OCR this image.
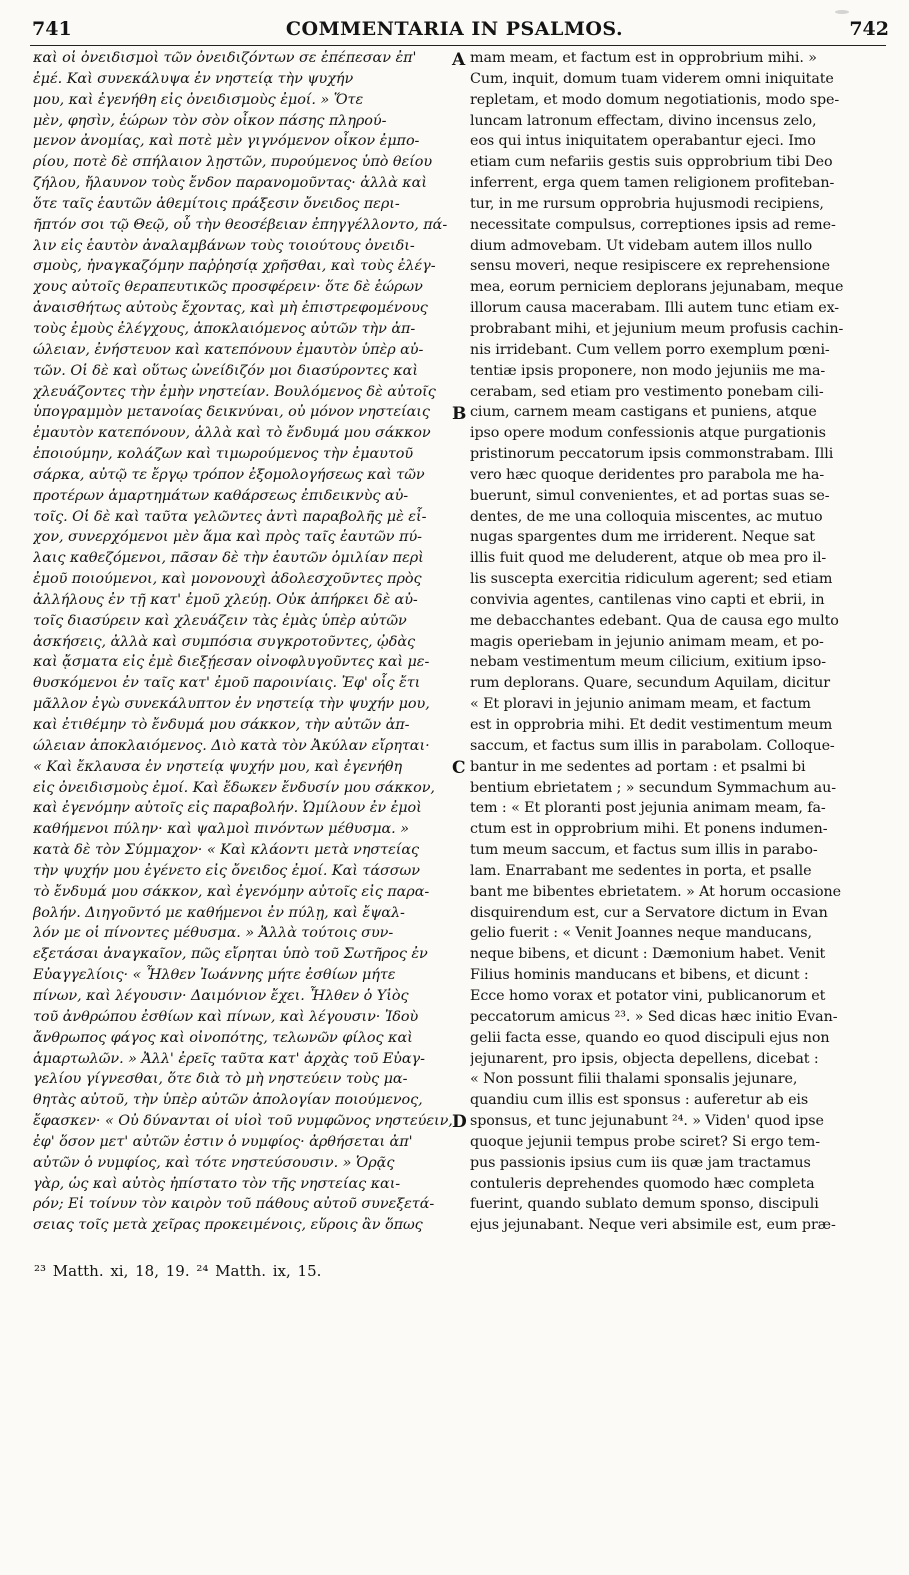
741	COMMENTARIA IN PSALMOS.	742
καὶ οἱ ὀνειδισμοὶ τῶν ὀνειδιζόντων σε ἐπέπεσαν ἐπ'
ἐμέ. Καὶ συνεκάλυψα ἐν νηστείᾳ τὴν ψυχήν
μου, καὶ ἐγενήθη εἰς ὀνειδισμοὺς ἐμοί. » Ὅτε
μὲν, φησὶν, ἑώρων τὸν σὸν οἶκον πάσης πληρού-
μενον ἀνομίας, καὶ ποτὲ μὲν γιγνόμενον οἶκον ἐμπο-
ρίου, ποτὲ δὲ σπήλαιον λῃστῶν, πυρούμενος ὑπὸ θείου
ζήλου, ἤλαυνον τοὺς ἔνδον παρανομοῦντας· ἀλλὰ καὶ
ὅτε ταῖς ἑαυτῶν ἀθεμίτοις πράξεσιν ὄνειδος περι-
ῆπτόν σοι τῷ Θεῷ, οὗ τὴν θεοσέβειαν ἐπηγγέλλοντο, πά-
λιν εἰς ἑαυτὸν ἀναλαμβάνων τοὺς τοιούτους ὀνειδι-
σμοὺς, ἠναγκαζόμην παῤῥησίᾳ χρῆσθαι, καὶ τοὺς ἐλέγ-
χους αὐτοῖς θεραπευτικῶς προσφέρειν· ὅτε δὲ ἑώρων
ἀναισθήτως αὐτοὺς ἔχοντας, καὶ μὴ ἐπιστρεφομένους
τοὺς ἐμοὺς ἐλέγχους, ἀποκλαιόμενος αὐτῶν τὴν ἀπ-
ώλειαν, ἐνήστευον καὶ κατεπόνουν ἐμαυτὸν ὑπὲρ αὐ-
τῶν. Οἱ δὲ καὶ οὕτως ὠνείδιζόν μοι διασύροντες καὶ
χλευάζοντες τὴν ἐμὴν νηστείαν. Βουλόμενος δὲ αὐτοῖς
ὑπογραμμὸν μετανοίας δεικνύναι, οὐ μόνον νηστείαις
ἐμαυτὸν κατεπόνουν, ἀλλὰ καὶ τὸ ἔνδυμά μου σάκκον
ἐποιούμην, κολάζων καὶ τιμωρούμενος τὴν ἐμαυτοῦ
σάρκα, αὐτῷ τε ἔργῳ τρόπον ἐξομολογήσεως καὶ τῶν
προτέρων ἁμαρτημάτων καθάρσεως ἐπιδεικνὺς αὐ-
τοῖς. Οἱ δὲ καὶ ταῦτα γελῶντες ἀντὶ παραβολῆς μὲ εἶ-
χον, συνερχόμενοι μὲν ἅμα καὶ πρὸς ταῖς ἑαυτῶν πύ-
λαις καθεζόμενοι, πᾶσαν δὲ τὴν ἑαυτῶν ὁμιλίαν περὶ
ἐμοῦ ποιούμενοι, καὶ μονονουχὶ ἀδολεσχοῦντες πρὸς
ἀλλήλους ἐν τῇ κατ' ἐμοῦ χλεύῃ. Οὐκ ἀπήρκει δὲ αὐ-
τοῖς διασύρειν καὶ χλευάζειν τὰς ἐμὰς ὑπὲρ αὐτῶν
ἀσκήσεις, ἀλλὰ καὶ συμπόσια συγκροτοῦντες, ᾠδὰς
καὶ ᾄσματα εἰς ἐμὲ διεξῄεσαν οἰνοφλυγοῦντες καὶ με-
θυσκόμενοι ἐν ταῖς κατ' ἐμοῦ παροινίαις. Ἐφ' οἷς ἔτι
μᾶλλον ἐγὼ συνεκάλυπτον ἐν νηστείᾳ τὴν ψυχήν μου,
καὶ ἐτιθέμην τὸ ἔνδυμά μου σάκκον, τὴν αὐτῶν ἀπ-
ώλειαν ἀποκλαιόμενος. Διὸ κατὰ τὸν Ἀκύλαν εἴρηται·
« Καὶ ἔκλαυσα ἐν νηστείᾳ ψυχήν μου, καὶ ἐγενήθη
εἰς ὀνειδισμοὺς ἐμοί. Καὶ ἔδωκεν ἔνδυσίν μου σάκκον,
καὶ ἐγενόμην αὐτοῖς εἰς παραβολήν. Ὡμίλουν ἐν ἐμοὶ
καθήμενοι πύλην· καὶ ψαλμοὶ πινόντων μέθυσμα. »
κατὰ δὲ τὸν Σύμμαχον· « Καὶ κλάοντι μετὰ νηστείας
τὴν ψυχήν μου ἐγένετο εἰς ὄνειδος ἐμοί. Καὶ τάσσων
τὸ ἔνδυμά μου σάκκον, καὶ ἐγενόμην αὐτοῖς εἰς παρα-
βολήν. Διηγοῦντό με καθήμενοι ἐν πύλῃ, καὶ ἔψαλ-
λόν με οἱ πίνοντες μέθυσμα. » Ἀλλὰ τούτοις συν-
εξετάσαι ἀναγκαῖον, πῶς εἴρηται ὑπὸ τοῦ Σωτῆρος ἐν
Εὐαγγελίοις· « Ἦλθεν Ἰωάννης μήτε ἐσθίων μήτε
πίνων, καὶ λέγουσιν· Δαιμόνιον ἔχει. Ἦλθεν ὁ Υἱὸς
τοῦ ἀνθρώπου ἐσθίων καὶ πίνων, καὶ λέγουσιν· Ἰδοὺ
ἄνθρωπος φάγος καὶ οἰνοπότης, τελωνῶν φίλος καὶ
ἁμαρτωλῶν. » Ἀλλ' ἐρεῖς ταῦτα κατ' ἀρχὰς τοῦ Εὐαγ-
γελίου γίγνεσθαι, ὅτε διὰ τὸ μὴ νηστεύειν τοὺς μα-
θητὰς αὐτοῦ, τὴν ὑπὲρ αὐτῶν ἀπολογίαν ποιούμενος,
ἔφασκεν· « Οὐ δύνανται οἱ υἱοὶ τοῦ νυμφῶνος νηστεύειν,
ἐφ' ὅσον μετ' αὐτῶν ἐστιν ὁ νυμφίος· ἀρθήσεται ἀπ'
αὐτῶν ὁ νυμφίος, καὶ τότε νηστεύσουσιν. » Ὁρᾷς
γὰρ, ὡς καὶ αὐτὸς ἠπίστατο τὸν τῆς νηστείας και-
ρόν; Εἰ τοίνυν τὸν καιρὸν τοῦ πάθους αὐτοῦ συνεξετά-
σειας τοῖς μετὰ χεῖρας προκειμένοις, εὕροις ἂν ὅπως
mam meam, et factum est in opprobrium mihi. »
Cum, inquit, domum tuam viderem omni iniquitate
repletam, et modo domum negotiationis, modo spe-
luncam latronum effectam, divino incensus zelo,
eos qui intus iniquitatem operabantur ejeci. Imo
etiam cum nefariis gestis suis opprobrium tibi Deo
inferrent, erga quem tamen religionem profiteban-
tur, in me rursum opprobria hujusmodi recipiens,
necessitate compulsus, correptiones ipsis ad reme-
dium admovebam. Ut videbam autem illos nullo
sensu moveri, neque resipiscere ex reprehensione
mea, eorum perniciem deplorans jejunabam, meque
illorum causa macerabam. Illi autem tunc etiam ex-
probrabant mihi, et jejunium meum profusis cachin-
nis irridebant. Cum vellem porro exemplum pœni-
tentiæ ipsis proponere, non modo jejuniis me ma-
cerabam, sed etiam pro vestimento ponebam cili-
cium, carnem meam castigans et puniens, atque
ipso opere modum confessionis atque purgationis
pristinorum peccatorum ipsis commonstrabam. Illi
vero hæc quoque deridentes pro parabola me ha-
buerunt, simul convenientes, et ad portas suas se-
dentes, de me una colloquia miscentes, ac mutuo
nugas spargentes dum me irriderent. Neque sat
illis fuit quod me deluderent, atque ob mea pro il-
lis suscepta exercitia ridiculum agerent; sed etiam
convivia agentes, cantilenas vino capti et ebrii, in
me debacchantes edebant. Qua de causa ego multo
magis operiebam in jejunio animam meam, et po-
nebam vestimentum meum cilicium, exitium ipso-
rum deplorans. Quare, secundum Aquilam, dicitur
« Et ploravi in jejunio animam meam, et factum
est in opprobria mihi. Et dedit vestimentum meum
saccum, et factus sum illis in parabolam. Colloque-
bantur in me sedentes ad portam : et psalmi bi
bentium ebrietatem ; » secundum Symmachum au-
tem : « Et ploranti post jejunia animam meam, fa-
ctum est in opprobrium mihi. Et ponens indumen-
tum meum saccum, et factus sum illis in parabo-
lam. Enarrabant me sedentes in porta, et psalle
bant me bibentes ebrietatem. » At horum occasione
disquirendum est, cur a Servatore dictum in Evan
gelio fuerit : « Venit Joannes neque manducans,
neque bibens, et dicunt : Dæmonium habet. Venit
Filius hominis manducans et bibens, et dicunt :
Ecce homo vorax et potator vini, publicanorum et
peccatorum amicus ²³. » Sed dicas hæc initio Evan-
gelii facta esse, quando eo quod discipuli ejus non
jejunarent, pro ipsis, objecta depellens, dicebat :
« Non possunt filii thalami sponsalis jejunare,
quandiu cum illis est sponsus : auferetur ab eis
sponsus, et tunc jejunabunt ²⁴. » Viden' quod ipse
quoque jejunii tempus probe sciret? Si ergo tem-
pus passionis ipsius cum iis quæ jam tractamus
contuleris deprehendes quomodo hæc completa
fuerint, quando sublato demum sponso, discipuli
ejus jejunabant. Neque veri absimile est, eum præ-
A
B
C
D
²³ Matth. xi, 18, 19. ²⁴ Matth. ix, 15.
